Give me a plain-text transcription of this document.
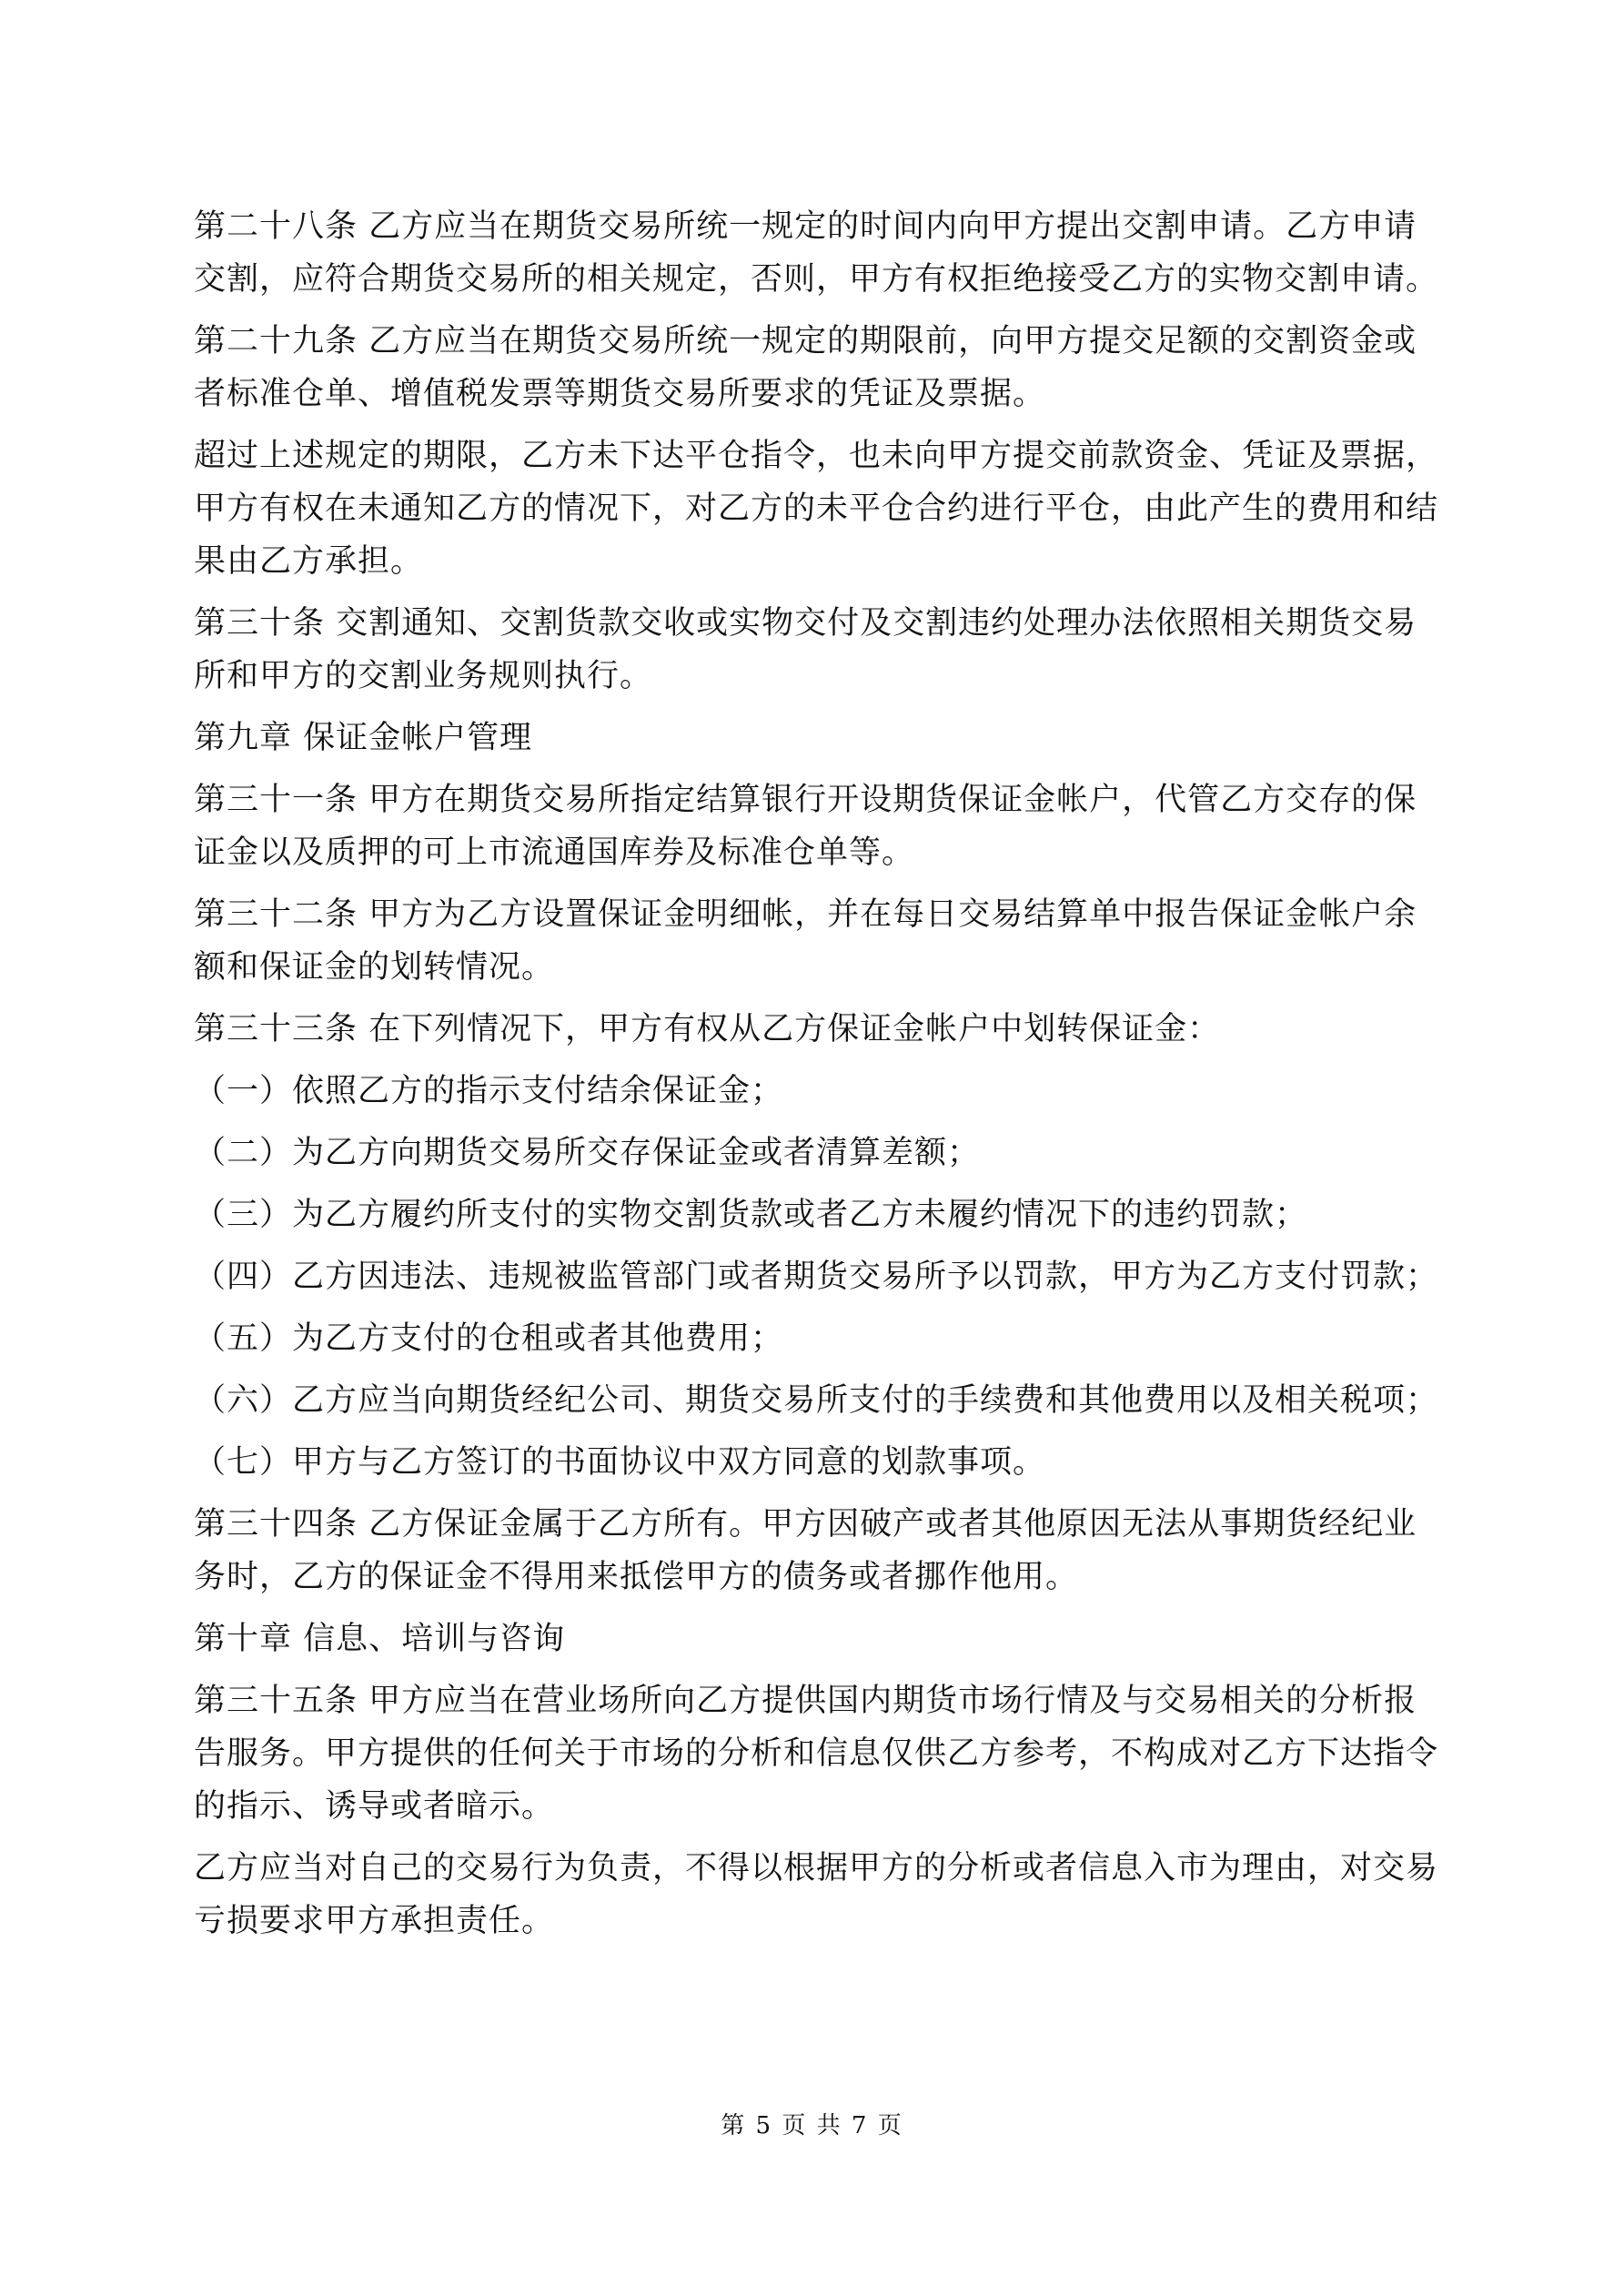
第二十八条 乙方应当在期货交易所统一规定的时间内向甲方提出交割申请。乙方申请
交割，应符合期货交易所的相关规定，否则，甲方有权拒绝接受乙方的实物交割申请。
第二十九条 乙方应当在期货交易所统一规定的期限前，向甲方提交足额的交割资金或
者标准仓单、增值税发票等期货交易所要求的凭证及票据。
超过上述规定的期限，乙方未下达平仓指令，也未向甲方提交前款资金、凭证及票据，
甲方有权在未通知乙方的情况下，对乙方的未平仓合约进行平仓，由此产生的费用和结
果由乙方承担。
第三十条 交割通知、交割货款交收或实物交付及交割违约处理办法依照相关期货交易
所和甲方的交割业务规则执行。
第九章 保证金帐户管理
第三十一条 甲方在期货交易所指定结算银行开设期货保证金帐户，代管乙方交存的保
证金以及质押的可上市流通国库券及标准仓单等。
第三十二条 甲方为乙方设置保证金明细帐，并在每日交易结算单中报告保证金帐户余
额和保证金的划转情况。
第三十三条 在下列情况下，甲方有权从乙方保证金帐户中划转保证金：
（一）依照乙方的指示支付结余保证金；
（二）为乙方向期货交易所交存保证金或者清算差额；
（三）为乙方履约所支付的实物交割货款或者乙方未履约情况下的违约罚款；
（四）乙方因违法、违规被监管部门或者期货交易所予以罚款，甲方为乙方支付罚款；
（五）为乙方支付的仓租或者其他费用；
（六）乙方应当向期货经纪公司、期货交易所支付的手续费和其他费用以及相关税项；
（七）甲方与乙方签订的书面协议中双方同意的划款事项。
第三十四条 乙方保证金属于乙方所有。甲方因破产或者其他原因无法从事期货经纪业
务时，乙方的保证金不得用来抵偿甲方的债务或者挪作他用。
第十章 信息、培训与咨询
第三十五条 甲方应当在营业场所向乙方提供国内期货市场行情及与交易相关的分析报
告服务。甲方提供的任何关于市场的分析和信息仅供乙方参考，不构成对乙方下达指令
的指示、诱导或者暗示。
乙方应当对自己的交易行为负责，不得以根据甲方的分析或者信息入市为理由，对交易
亏损要求甲方承担责任。
第 5 页 共 7 页
